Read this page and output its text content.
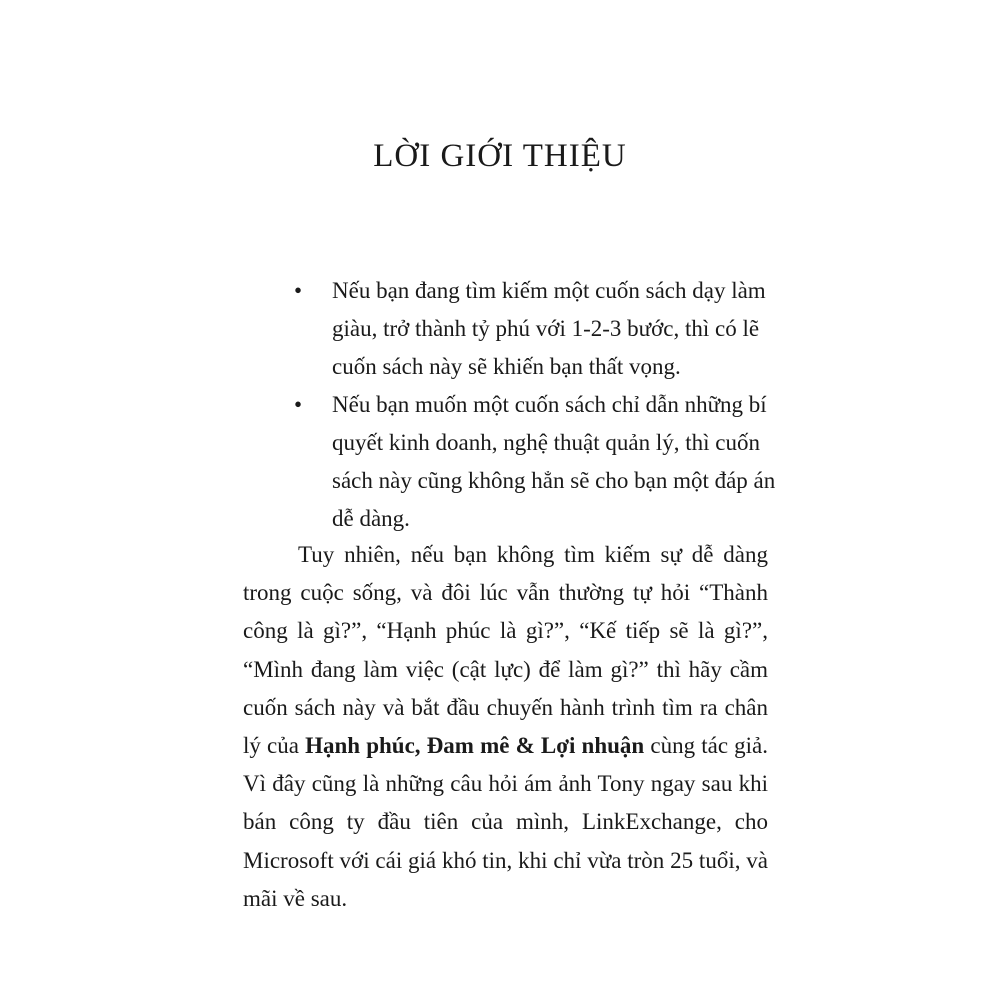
LỜI GIỚI THIỆU
• Nếu bạn đang tìm kiếm một cuốn sách dạy làm giàu, trở thành tỷ phú với 1-2-3 bước, thì có lẽ cuốn sách này sẽ khiến bạn thất vọng.
• Nếu bạn muốn một cuốn sách chỉ dẫn những bí quyết kinh doanh, nghệ thuật quản lý, thì cuốn sách này cũng không hẳn sẽ cho bạn một đáp án dễ dàng.

Tuy nhiên, nếu bạn không tìm kiếm sự dễ dàng trong cuộc sống, và đôi lúc vẫn thường tự hỏi “Thành công là gì?”, “Hạnh phúc là gì?”, “Kế tiếp sẽ là gì?”, “Mình đang làm việc (cật lực) để làm gì?” thì hãy cầm cuốn sách này và bắt đầu chuyến hành trình tìm ra chân lý của Hạnh phúc, Đam mê & Lợi nhuận cùng tác giả. Vì đây cũng là những câu hỏi ám ảnh Tony ngay sau khi bán công ty đầu tiên của mình, LinkExchange, cho Microsoft với cái giá khó tin, khi chỉ vừa tròn 25 tuổi, và mãi về sau.
